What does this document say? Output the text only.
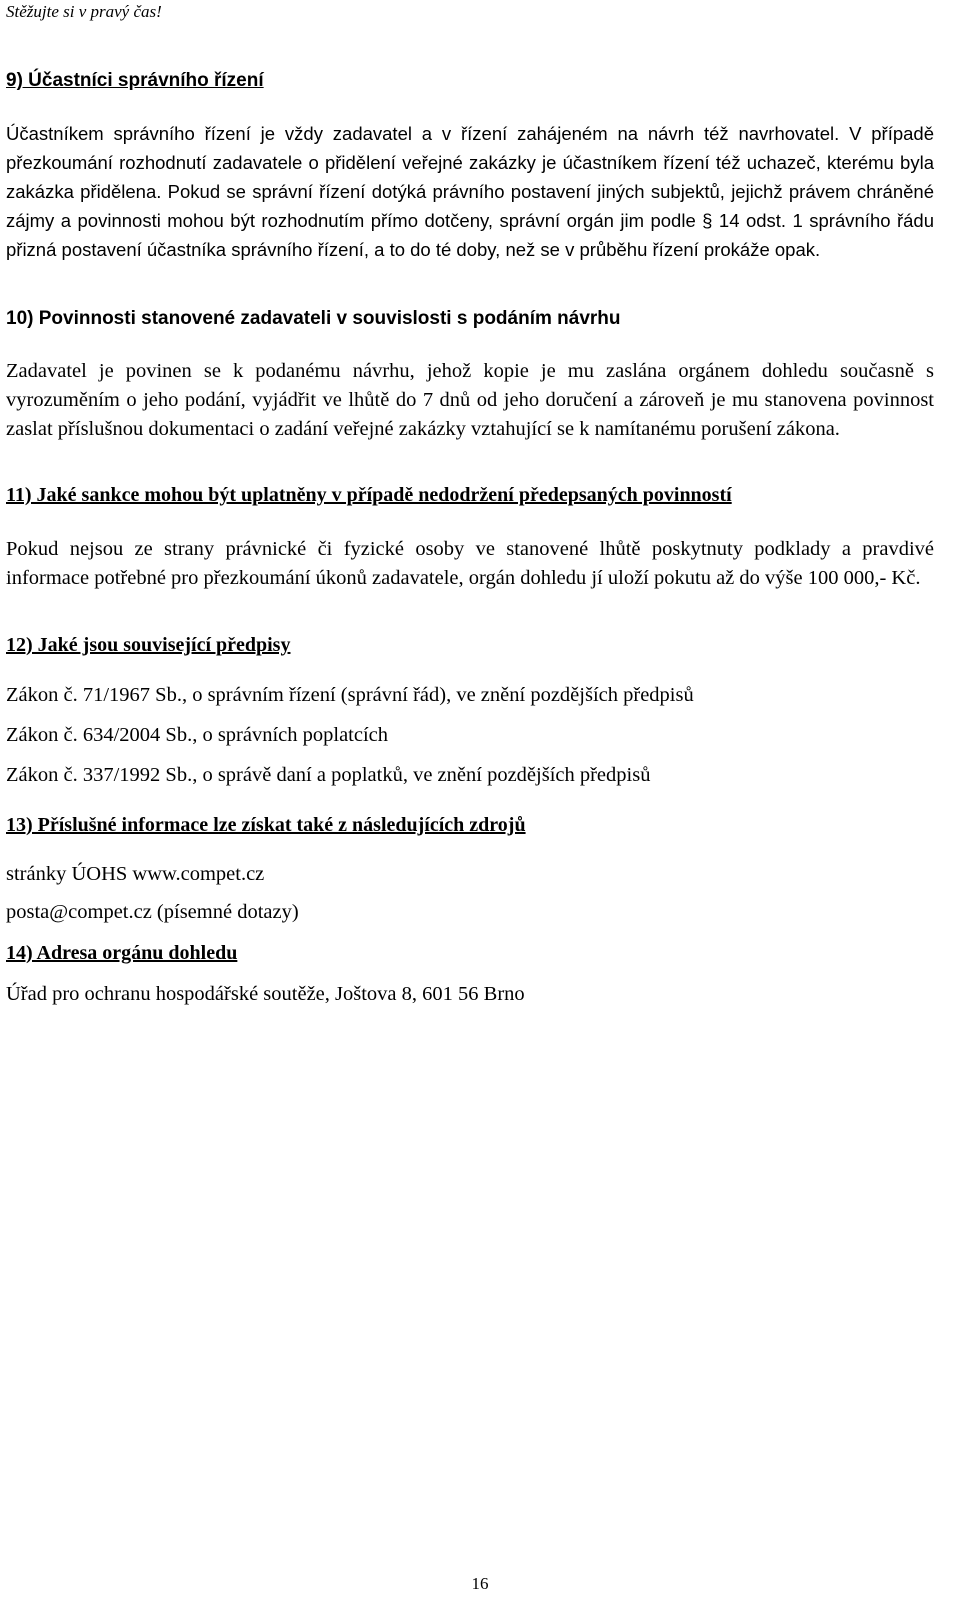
Stěžujte si v pravý čas!
9) Účastníci správního řízení

Účastníkem správního řízení je vždy zadavatel a v řízení zahájeném na návrh též navrhovatel. V případě přezkoumání rozhodnutí zadavatele o přidělení veřejné zakázky je účastníkem řízení též uchazeč, kterému byla zakázka přidělena. Pokud se správní řízení dotýká právního postavení jiných subjektů, jejichž právem chráněné zájmy a povinnosti mohou být rozhodnutím přímo dotčeny, správní orgán jim podle § 14 odst. 1 správního řádu přizná postavení účastníka správního řízení, a to do té doby, než se v průběhu řízení prokáže opak.

10) Povinnosti stanovené zadavateli v souvislosti s podáním návrhu

Zadavatel je povinen se k podanému návrhu, jehož kopie je mu zaslána orgánem dohledu současně s vyrozuměním o jeho podání, vyjádřit ve lhůtě do 7 dnů od jeho doručení a zároveň je mu stanovena povinnost zaslat příslušnou dokumentaci o zadání veřejné zakázky vztahující se k namítanému porušení zákona.

11) Jaké sankce mohou být uplatněny v případě nedodržení předepsaných povinností

Pokud nejsou ze strany právnické či fyzické osoby ve stanovené lhůtě poskytnuty podklady a pravdivé informace potřebné pro přezkoumání úkonů zadavatele, orgán dohledu jí uloží pokutu až do výše 100 000,- Kč.

12) Jaké jsou související předpisy
Zákon č. 71/1967 Sb., o správním řízení (správní řád), ve znění pozdějších předpisů
Zákon č. 634/2004 Sb., o správních poplatcích
Zákon č. 337/1992 Sb., o správě daní a poplatků, ve znění pozdějších předpisů
13) Příslušné informace lze získat také z následujících zdrojů
stránky ÚOHS www.compet.cz
posta@compet.cz (písemné dotazy)
14) Adresa orgánu dohledu
Úřad pro ochranu hospodářské soutěže, Joštova 8, 601 56 Brno
16
